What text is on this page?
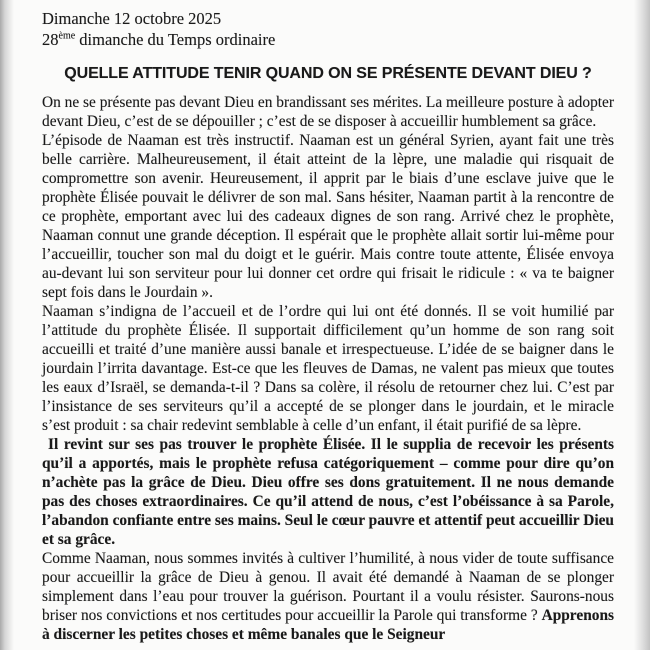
Dimanche 12 octobre 2025
28ème dimanche du Temps ordinaire
QUELLE ATTITUDE TENIR QUAND ON SE PRÉSENTE DEVANT DIEU ?

On ne se présente pas devant Dieu en brandissant ses mérites. La meilleure posture à adopter devant Dieu, c’est de se dépouiller ; c’est de se disposer à accueillir humblement sa grâce.

L’épisode de Naaman est très instructif. Naaman est un général Syrien, ayant fait une très belle carrière. Malheureusement, il était atteint de la lèpre, une maladie qui risquait de compromettre son avenir. Heureusement, il apprit par le biais d’une esclave juive que le prophète Élisée pouvait le délivrer de son mal. Sans hésiter, Naaman partit à la rencontre de ce prophète, emportant avec lui des cadeaux dignes de son rang. Arrivé chez le prophète, Naaman connut une grande déception. Il espérait que le prophète allait sortir lui-même pour l’accueillir, toucher son mal du doigt et le guérir. Mais contre toute attente, Élisée envoya au-devant lui son serviteur pour lui donner cet ordre qui frisait le ridicule : « va te baigner sept fois dans le Jourdain ».

Naaman s’indigna de l’accueil et de l’ordre qui lui ont été donnés. Il se voit humilié par l’attitude du prophète Élisée. Il supportait difficilement qu’un homme de son rang soit accueilli et traité d’une manière aussi banale et irrespectueuse. L’idée de se baigner dans le jourdain l’irrita davantage. Est-ce que les fleuves de Damas, ne valent pas mieux que toutes les eaux d’Israël, se demanda-t-il ? Dans sa colère, il résolu de retourner chez lui. C’est par l’insistance de ses serviteurs qu’il a accepté de se plonger dans le jourdain, et le miracle s’est produit : sa chair redevint semblable à celle d’un enfant, il était purifié de sa lèpre.

Il revint sur ses pas trouver le prophète Élisée. Il le supplia de recevoir les présents qu’il a apportés, mais le prophète refusa catégoriquement – comme pour dire qu’on n’achète pas la grâce de Dieu. Dieu offre ses dons gratuitement. Il ne nous demande pas des choses extraordinaires. Ce qu’il attend de nous, c’est l’obéissance à sa Parole, l’abandon confiante entre ses mains. Seul le cœur pauvre et attentif peut accueillir Dieu et sa grâce.

Comme Naaman, nous sommes invités à cultiver l’humilité, à nous vider de toute suffisance pour accueillir la grâce de Dieu à genou. Il avait été demandé à Naaman de se plonger simplement dans l’eau pour trouver la guérison. Pourtant il a voulu résister. Saurons-nous briser nos convictions et nos certitudes pour accueillir la Parole qui transforme ? Apprenons à discerner les petites choses et même banales que le Seigneur
